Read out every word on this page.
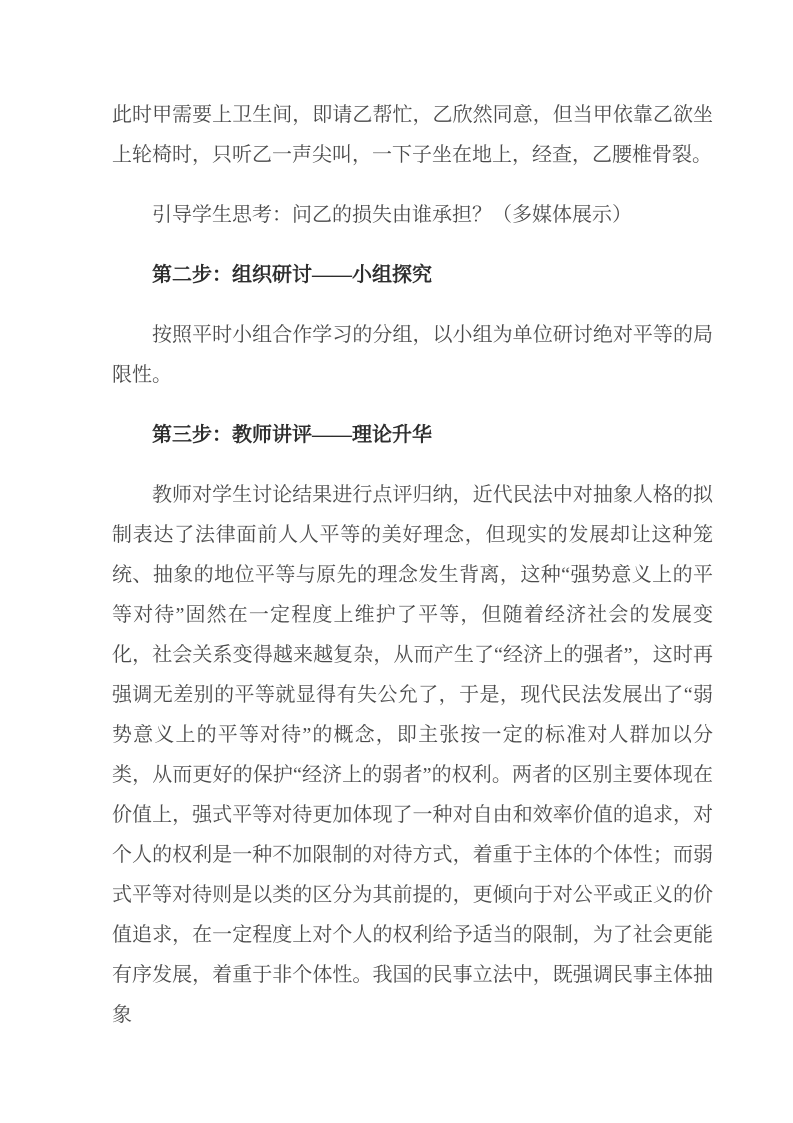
此时甲需要上卫生间，即请乙帮忙，乙欣然同意，但当甲依靠乙欲坐上轮椅时，只听乙一声尖叫，一下子坐在地上，经查，乙腰椎骨裂。

引导学生思考：问乙的损失由谁承担？（多媒体展示）

第二步：组织研讨——小组探究

按照平时小组合作学习的分组，以小组为单位研讨绝对平等的局限性。

第三步：教师讲评——理论升华

教师对学生讨论结果进行点评归纳，近代民法中对抽象人格的拟制表达了法律面前人人平等的美好理念，但现实的发展却让这种笼统、抽象的地位平等与原先的理念发生背离，这种“强势意义上的平等对待”固然在一定程度上维护了平等，但随着经济社会的发展变化，社会关系变得越来越复杂，从而产生了“经济上的强者”，这时再强调无差别的平等就显得有失公允了，于是，现代民法发展出了“弱势意义上的平等对待”的概念，即主张按一定的标准对人群加以分类，从而更好的保护“经济上的弱者”的权利。两者的区别主要体现在价值上，强式平等对待更加体现了一种对自由和效率价值的追求，对个人的权利是一种不加限制的对待方式，着重于主体的个体性；而弱式平等对待则是以类的区分为其前提的，更倾向于对公平或正义的价值追求，在一定程度上对个人的权利给予适当的限制，为了社会更能有序发展，着重于非个体性。我国的民事立法中，既强调民事主体抽象
